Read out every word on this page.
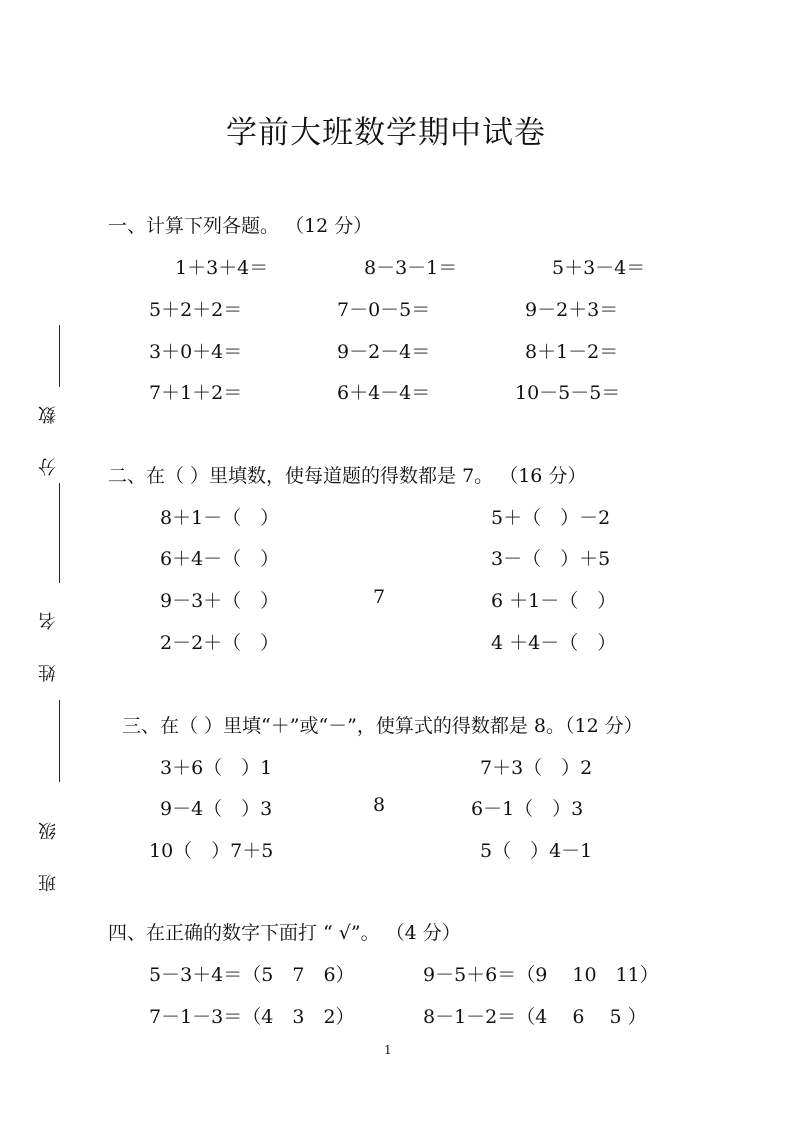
分 数
姓 名
班 级
学前大班数学期中试卷
一、计算下列各题。 （12 分）
1＋3＋4＝	8－3－1＝	5＋3－4＝
5＋2＋2＝	7－0－5＝	9－2＋3＝
3＋0＋4＝	9－2－4＝	8＋1－2＝
7＋1＋2＝	6＋4－4＝	10－5－5＝
二、在（ ）里填数，使每道题的得数都是 7。 （16 分）
8＋1－（　）	5＋（　）－2
6＋4－（　）	3－（　）＋5
9－3＋（　）	7	6 ＋1－（　）
2－2＋（　）	4 ＋4－（　）
三、在（ ）里填“＋”或“－”，使算式的得数都是 8。（12 分）
3＋6（　）1	7＋3（　）2
9－4（　）3	8	6－1（　）3
10（　）7＋5	5（　）4－1
四、在正确的数字下面打 “ √”。 （4 分）
5－3＋4＝（5　7　6）	9－5＋6＝（9　 10　11）
7－1－3＝（4　3　2）	8－1－2＝（4　 6　 5 ）
1
